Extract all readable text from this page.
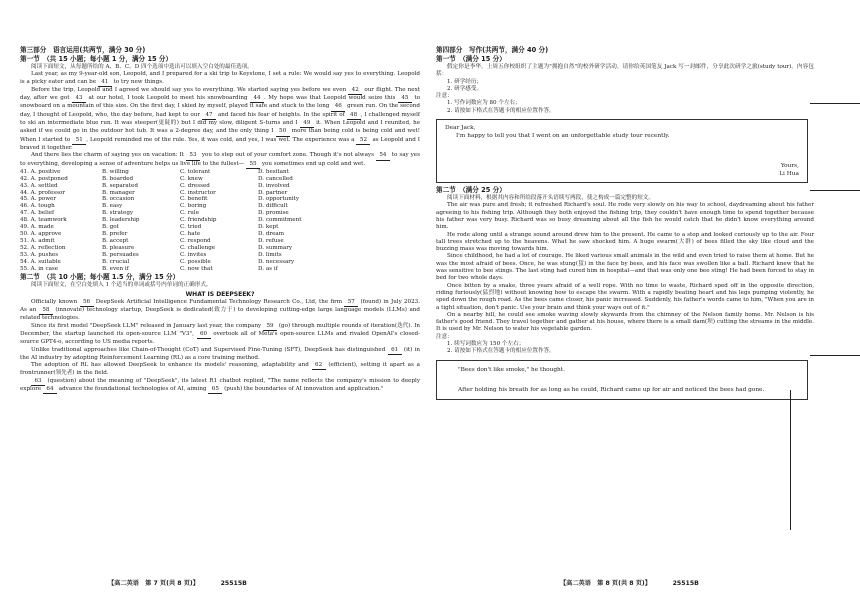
第三部分　语言运用(共两节，满分 30 分)
第一节　（共 15 小题；每小题 1 分，满分 15 分）

阅读下面短文，从每题所给的 A、B、C、D 四个选项中选出可以填入空白处的最佳选项。

Last year, as my 9-year-old son, Leopold, and I prepared for a ski trip to Keystone, I set a rule: We would say yes to everything. Leopold is a picky eater and can be 41 to try new things.

Before the trip, Leopold and I agreed we should say yes to everything. We started saying yes before we even 42 our flight. The next day, after we got 43 at our hotel, I took Leopold to meet his snowboarding 44 . My hope was that Leopold would seize this 45 to snowboard on a mountain of this size. On the first day, I skied by myself, played it safe and stuck to the long 46 green run. On the second day, I thought of Leopold, who, the day before, had kept to our 47 and faced his fear of heights. In the spirit of 48 , I challenged myself to ski an intermediate blue run. It was steeper(更陡的) but I did my slow, diligent S-turns and I 49 it. When Leopold and I reunited, he asked if we could go in the outdoor hot tub. It was a 2-degree day, and the only thing I 50 more than being cold is being cold and wet! When I started to 51 , Leopold reminded me of the rule. Yes, it was cold, and yes, I was wet. The experience was a 52 as Leopold and I braved it together.

And there lies the charm of saying yes on vacation: It 53 you to step out of your comfort zone. Though it's not always 54 to say yes to everything, developing a sense of adventure helps us live life to the fullest— 55 you sometimes end up cold and wet.

41. A. positive	B. willing	C. tolerant	D. hesitant
42. A. postponed	B. boarded	C. knew	D. cancelled
43. A. settled	B. separated	C. dressed	D. involved
44. A. professor	B. manager	C. instructor	D. partner
45. A. power	B. occasion	C. benefit	D. opportunity
46. A. tough	B. easy	C. boring	D. difficult
47. A. belief	B. strategy	C. rule	D. promise
48. A. teamwork	B. leadership	C. friendship	D. commitment
49. A. made	B. got	C. tried	D. kept
50. A. approve	B. prefer	C. hate	D. dream
51. A. admit	B. accept	C. respond	D. refuse
52. A. reflection	B. pleasure	C. challenge	D. summary
53. A. pushes	B. persuades	C. invites	D. limits
54. A. suitable	B. crucial	C. possible	D. necessary
55. A. in case	B. even if	C. now that	D. as if
第二节　（共 10 小题；每小题 1.5 分，满分 15 分）

阅读下面短文，在空白处填入 1 个适当的单词或括号内单词的正确形式。

WHAT IS DEEPSEEK?

Officially known 56 DeepSeek Artificial Intelligence Fundamental Technology Research Co., Ltd, the firm 57 (found) in July 2023. As an 58 (innovate) technology startup, DeepSeek is dedicated(致力于) to developing cutting-edge large language models (LLMs) and related technologies.

Since its first model "DeepSeek LLM" released in January last year, the company 59 (go) through multiple rounds of iteration(迭代). In December, the startup launched its open-source LLM "V3", 60 overtook all of Meta's open-source LLMs and rivaled OpenAI's closed-source GPT4-o, according to US media reports.

Unlike traditional approaches like Chain-of-Thought (CoT) and Supervised Fine-Tuning (SFT), DeepSeek has distinguished 61 (it) in the AI industry by adopting Reinforcement Learning (RL) as a core training method.

The adoption of RL has allowed DeepSeek to enhance its models' reasoning, adaptability and 62 (efficient), setting it apart as a frontrunner(领先者) in the field.

63 (question) about the meaning of "DeepSeek", its latest R1 chatbot replied, "The name reflects the company's mission to deeply explore 64 advance the foundational technologies of AI, aiming 65 (push) the boundaries of AI innovation and application."

【高二英语　第 7 页(共 8 页)】　　　　25515B
第四部分　写作(共两节，满分 40 分)
第一节　（满分 15 分）

假定你是李华，上周五你校组织了主题为"拥抱自然"的校外研学活动，请你给英国笔友 Jack 写一封邮件，分享此次研学之旅(study tour)。内容包括：

1. 研学经历；

2. 研学感受。

注意：

1. 写作词数应为 80 个左右；

2. 请按如下格式在答题卡的相应位置作答。

Dear Jack,
I'm happy to tell you that I went on an unforgettable study tour recently.
Yours,
Li Hua
第二节　（满分 25 分）

阅读下面材料，根据其内容和所给段落开头语续写两段，使之构成一篇完整的短文。

The air was pure and fresh; it refreshed Richard's soul. He rode very slowly on his way to school, daydreaming about his father agreeing to his fishing trip. Although they both enjoyed the fishing trip, they couldn't have enough time to spend together because his father was very busy. Richard was so busy dreaming about all the fish he would catch that he didn't know everything around him.

He rode along until a strange sound around drew him to the present. He came to a stop and looked curiously up to the air. Four tall trees stretched up to the heavens. What he saw shocked him. A huge swarm(大群) of bees filled the sky like cloud and the buzzing mass was moving towards him.

Since childhood, he had a lot of courage. He liked various small animals in the wild and even tried to raise them at home. But he was the most afraid of bees. Once, he was stung(蜇) in the face by bees, and his face was swollen like a ball. Richard knew that he was sensitive to bee stings. The last sting had cured him in hospital—and that was only one bee sting! He had been forced to stay in bed for two whole days.

Once bitten by a snake, three years afraid of a well rope. With no time to waste, Richard sped off in the opposite direction, riding furiously(猛烈地) without knowing how to escape the swarm. With a rapidly beating heart and his legs pumping violently, he sped down the rough road. As the bees came closer, his panic increased. Suddenly, his father's words came to him, "When you are in a tight situation, don't panic. Use your brain and think your ways out of it."

On a nearby hill, he could see smoke waving slowly skywards from the chimney of the Nelson family home. Mr. Nelson is his father's good friend. They travel together and gather at his house, where there is a small dam(坝) cutting the streams in the middle. It is used by Mr. Nelson to water his vegetable garden.

注意：

1. 续写词数应为 150 个左右；

2. 请按如下格式在答题卡的相应位置作答。

"Bees don't like smoke," he thought.
After holding his breath for as long as he could, Richard came up for air and noticed the bees had gone.
【高二英语　第 8 页(共 8 页)】　　　　25515B
